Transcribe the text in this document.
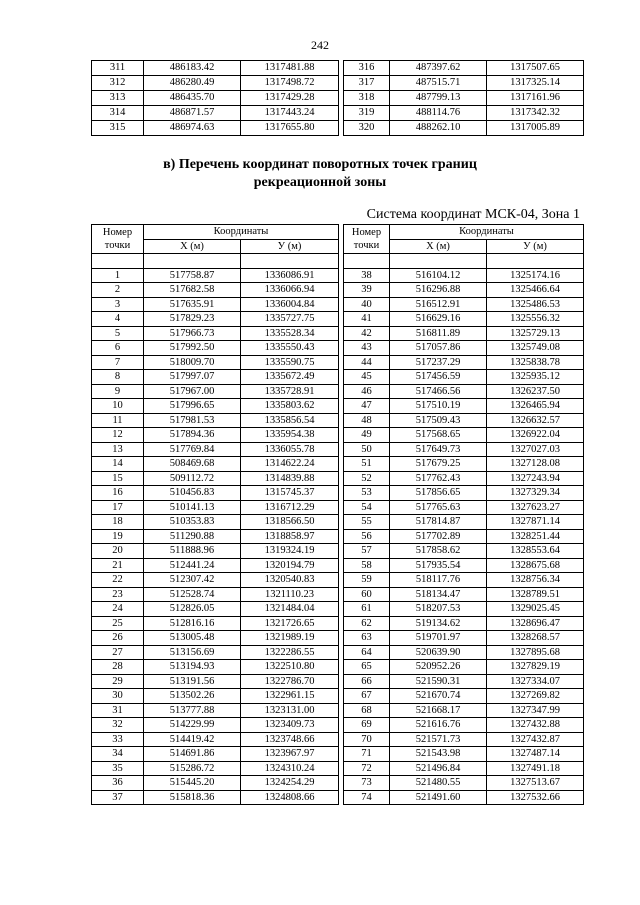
242
311	486183.42	1317481.88
312	486280.49	1317498.72
313	486435.70	1317429.28
314	486871.57	1317443.24
315	486974.63	1317655.80
316	487397.62	1317507.65
317	487515.71	1317325.14
318	487799.13	1317161.96
319	488114.76	1317342.32
320	488262.10	1317005.89
в) Перечень координат поворотных точек границ
рекреационной зоны
Система координат МСК-04, Зона 1
Номер
точки	Координаты	
	X (м)	У (м)

1	517758.87	1336086.91
2	517682.58	1336066.94
3	517635.91	1336004.84
4	517829.23	1335727.75
5	517966.73	1335528.34
6	517992.50	1335550.43
7	518009.70	1335590.75
8	517997.07	1335672.49
9	517967.00	1335728.91
10	517996.65	1335803.62
11	517981.53	1335856.54
12	517894.36	1335954.38
13	517769.84	1336055.78
14	508469.68	1314622.24
15	509112.72	1314839.88
16	510456.83	1315745.37
17	510141.13	1316712.29
18	510353.83	1318566.50
19	511290.88	1318858.97
20	511888.96	1319324.19
21	512441.24	1320194.79
22	512307.42	1320540.83
23	512528.74	1321110.23
24	512826.05	1321484.04
25	512816.16	1321726.65
26	513005.48	1321989.19
27	513156.69	1322286.55
28	513194.93	1322510.80
29	513191.56	1322786.70
30	513502.26	1322961.15
31	513777.88	1323131.00
32	514229.99	1323409.73
33	514419.42	1323748.66
34	514691.86	1323967.97
35	515286.72	1324310.24
36	515445.20	1324254.29
37	515818.36	1324808.66
Номер
точки	Координаты	
	X (м)	У (м)

38	516104.12	1325174.16
39	516296.88	1325466.64
40	516512.91	1325486.53
41	516629.16	1325556.32
42	516811.89	1325729.13
43	517057.86	1325749.08
44	517237.29	1325838.78
45	517456.59	1325935.12
46	517466.56	1326237.50
47	517510.19	1326465.94
48	517509.43	1326632.57
49	517568.65	1326922.04
50	517649.73	1327027.03
51	517679.25	1327128.08
52	517762.43	1327243.94
53	517856.65	1327329.34
54	517765.63	1327623.27
55	517814.87	1327871.14
56	517702.89	1328251.44
57	517858.62	1328553.64
58	517935.54	1328675.68
59	518117.76	1328756.34
60	518134.47	1328789.51
61	518207.53	1329025.45
62	519134.62	1328696.47
63	519701.97	1328268.57
64	520639.90	1327895.68
65	520952.26	1327829.19
66	521590.31	1327334.07
67	521670.74	1327269.82
68	521668.17	1327347.99
69	521616.76	1327432.88
70	521571.73	1327432.87
71	521543.98	1327487.14
72	521496.84	1327491.18
73	521480.55	1327513.67
74	521491.60	1327532.66
